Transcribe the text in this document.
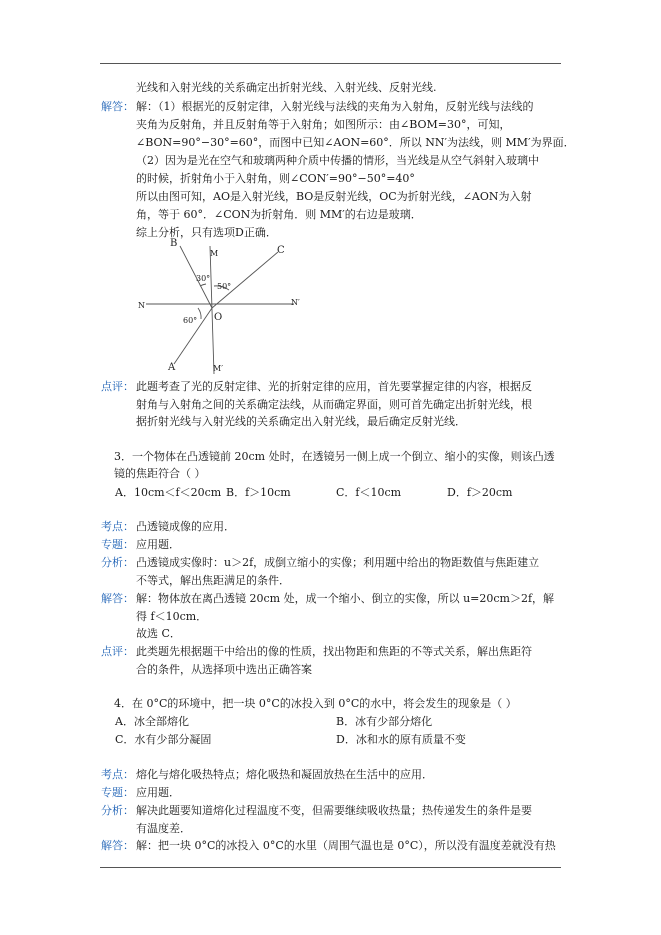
光线和入射光线的关系确定出折射光线、入射光线、反射光线.
解答： 解：（1）根据光的反射定律，入射光线与法线的夹角为入射角，反射光线与法线的
夹角为反射角，并且反射角等于入射角；如图所示：由∠BOM=30°，可知，
∠BON=90°−30°=60°，而图中已知∠AON=60°．所以 NN′为法线，则 MM′为界面．
（2）因为是光在空气和玻璃两种介质中传播的情形，当光线是从空气斜射入玻璃中
的时候，折射角小于入射角，则∠CON′=90°−50°=40°
所以由图可知，AO是入射光线，BO是反射光线，OC为折射光线，∠AON为入射
角，等于 60°．∠CON为折射角．则 MM′的右边是玻璃．
综上分析，只有选项D正确．
B
M	C
30°
50°
N	N′
60° O
A	M′
点评： 此题考查了光的反射定律、光的折射定律的应用，首先要掌握定律的内容，根据反
射角与入射角之间的关系确定法线，从而确定界面，则可首先确定出折射光线，根
据折射光线与入射光线的关系确定出入射光线，最后确定反射光线．
3．一个物体在凸透镜前 20cm 处时，在透镜另一侧上成一个倒立、缩小的实像，则该凸透
镜的焦距符合（ ）
A．10cm＜f＜20cm B．f＞10cm	C．f＜10cm	D．f＞20cm
考点： 凸透镜成像的应用．
专题： 应用题．
分析： 凸透镜成实像时：u＞2f，成倒立缩小的实像；利用题中给出的物距数值与焦距建立
不等式，解出焦距满足的条件．
解答： 解：物体放在离凸透镜 20cm 处，成一个缩小、倒立的实像，所以 u=20cm＞2f，解
得 f＜10cm．
故选 C．
点评： 此类题先根据题干中给出的像的性质，找出物距和焦距的不等式关系，解出焦距符
合的条件，从选择项中选出正确答案
4．在 0°C的环境中，把一块 0°C的冰投入到 0°C的水中，将会发生的现象是（ ）
A．冰全部熔化	B．冰有少部分熔化
C．水有少部分凝固	D．冰和水的原有质量不变
考点： 熔化与熔化吸热特点；熔化吸热和凝固放热在生活中的应用．
专题： 应用题．
分析： 解决此题要知道熔化过程温度不变，但需要继续吸收热量；热传递发生的条件是要
有温度差．
解答： 解：把一块 0°C的冰投入 0°C的水里（周围气温也是 0°C），所以没有温度差就没有热
